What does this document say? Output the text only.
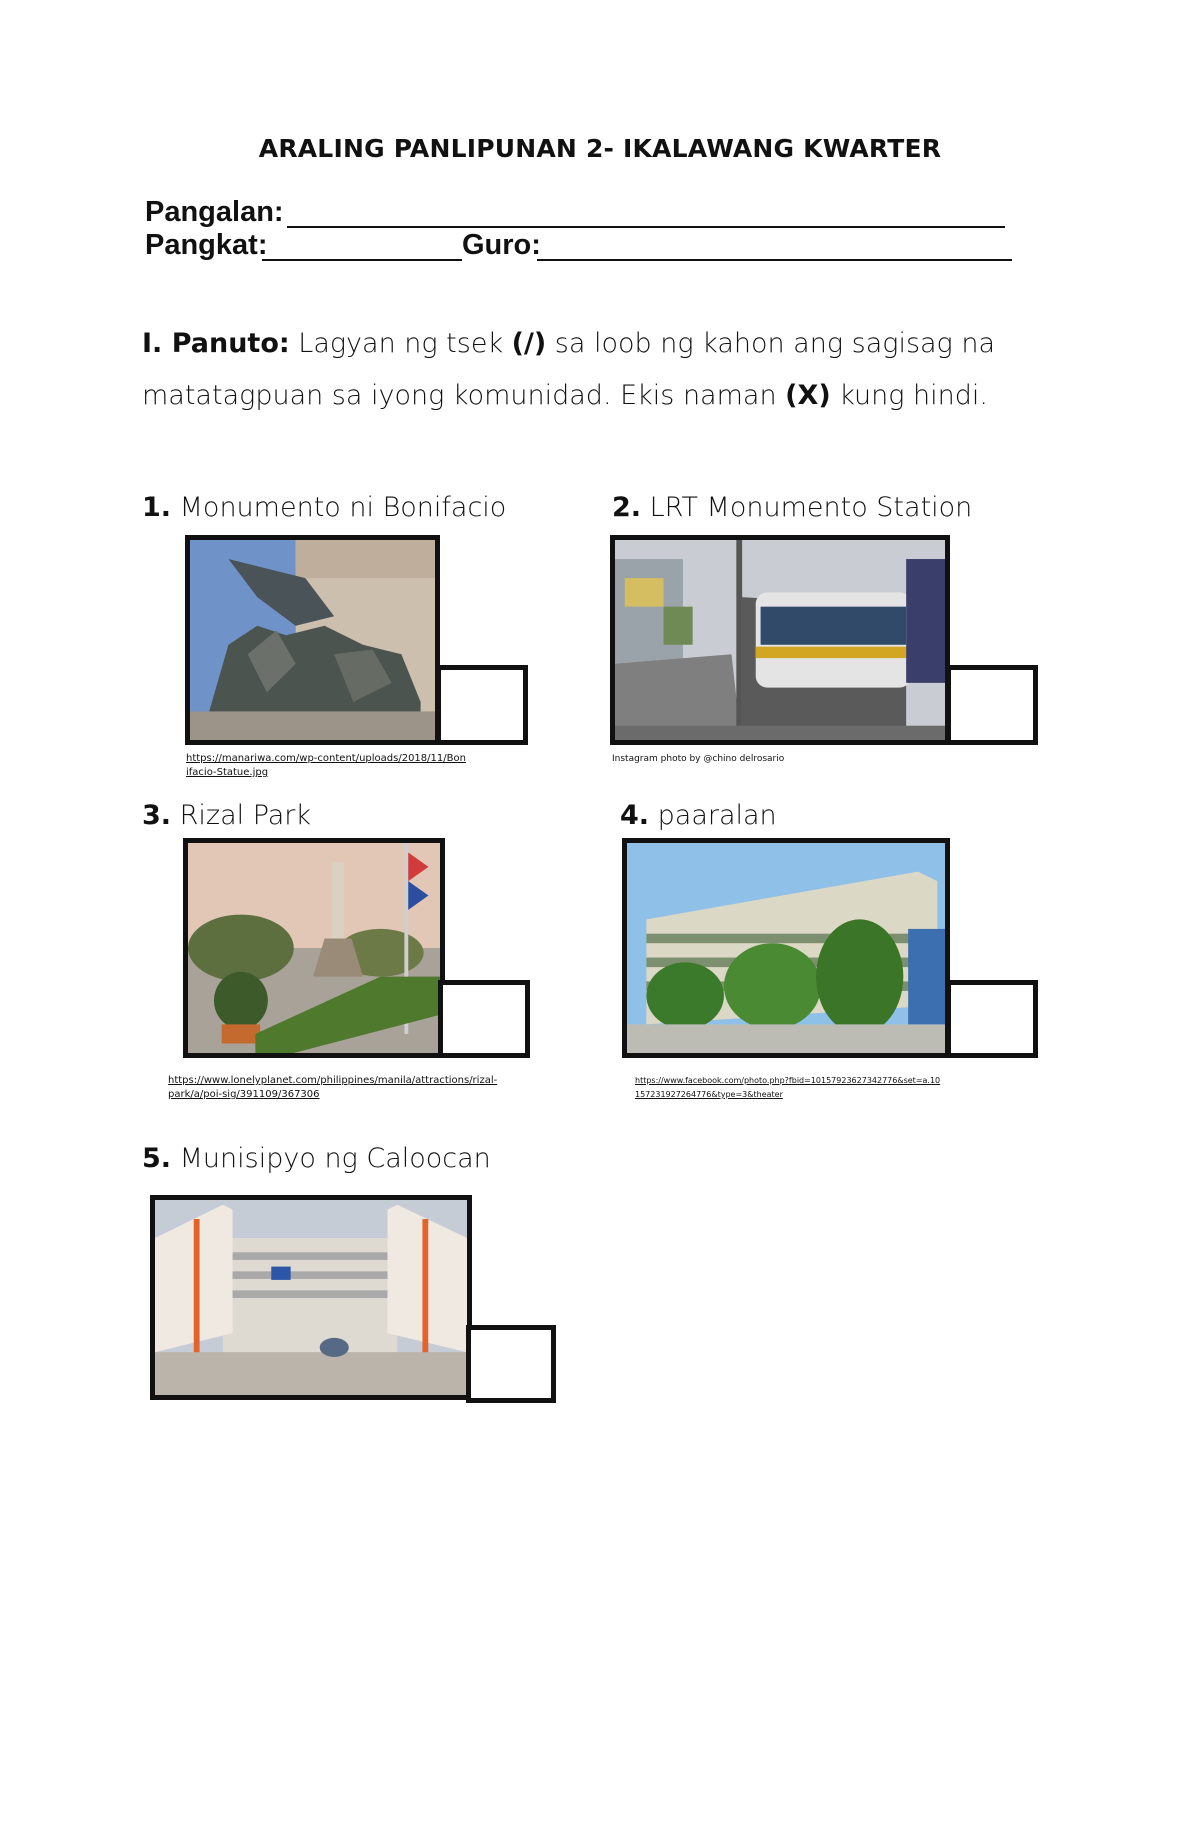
ARALING PANLIPUNAN 2- IKALAWANG KWARTER
Pangalan:
Pangkat:	Guro:
I. Panuto: Lagyan ng tsek (/) sa loob ng kahon ang sagisag na matatagpuan sa iyong komunidad. Ekis naman (X) kung hindi.
1. Monumento ni Bonifacio
https://manariwa.com/wp-content/uploads/2018/11/Bonifacio-Statue.jpg
2. LRT Monumento Station
Instagram photo by @chino delrosario
3. Rizal Park
https://www.lonelyplanet.com/philippines/manila/attractions/rizal-park/a/poi-sig/391109/367306
4. paaralan
https://www.facebook.com/photo.php?fbid=10157923627342776&set=a.10157231927264776&type=3&theater
5. Munisipyo ng Caloocan
